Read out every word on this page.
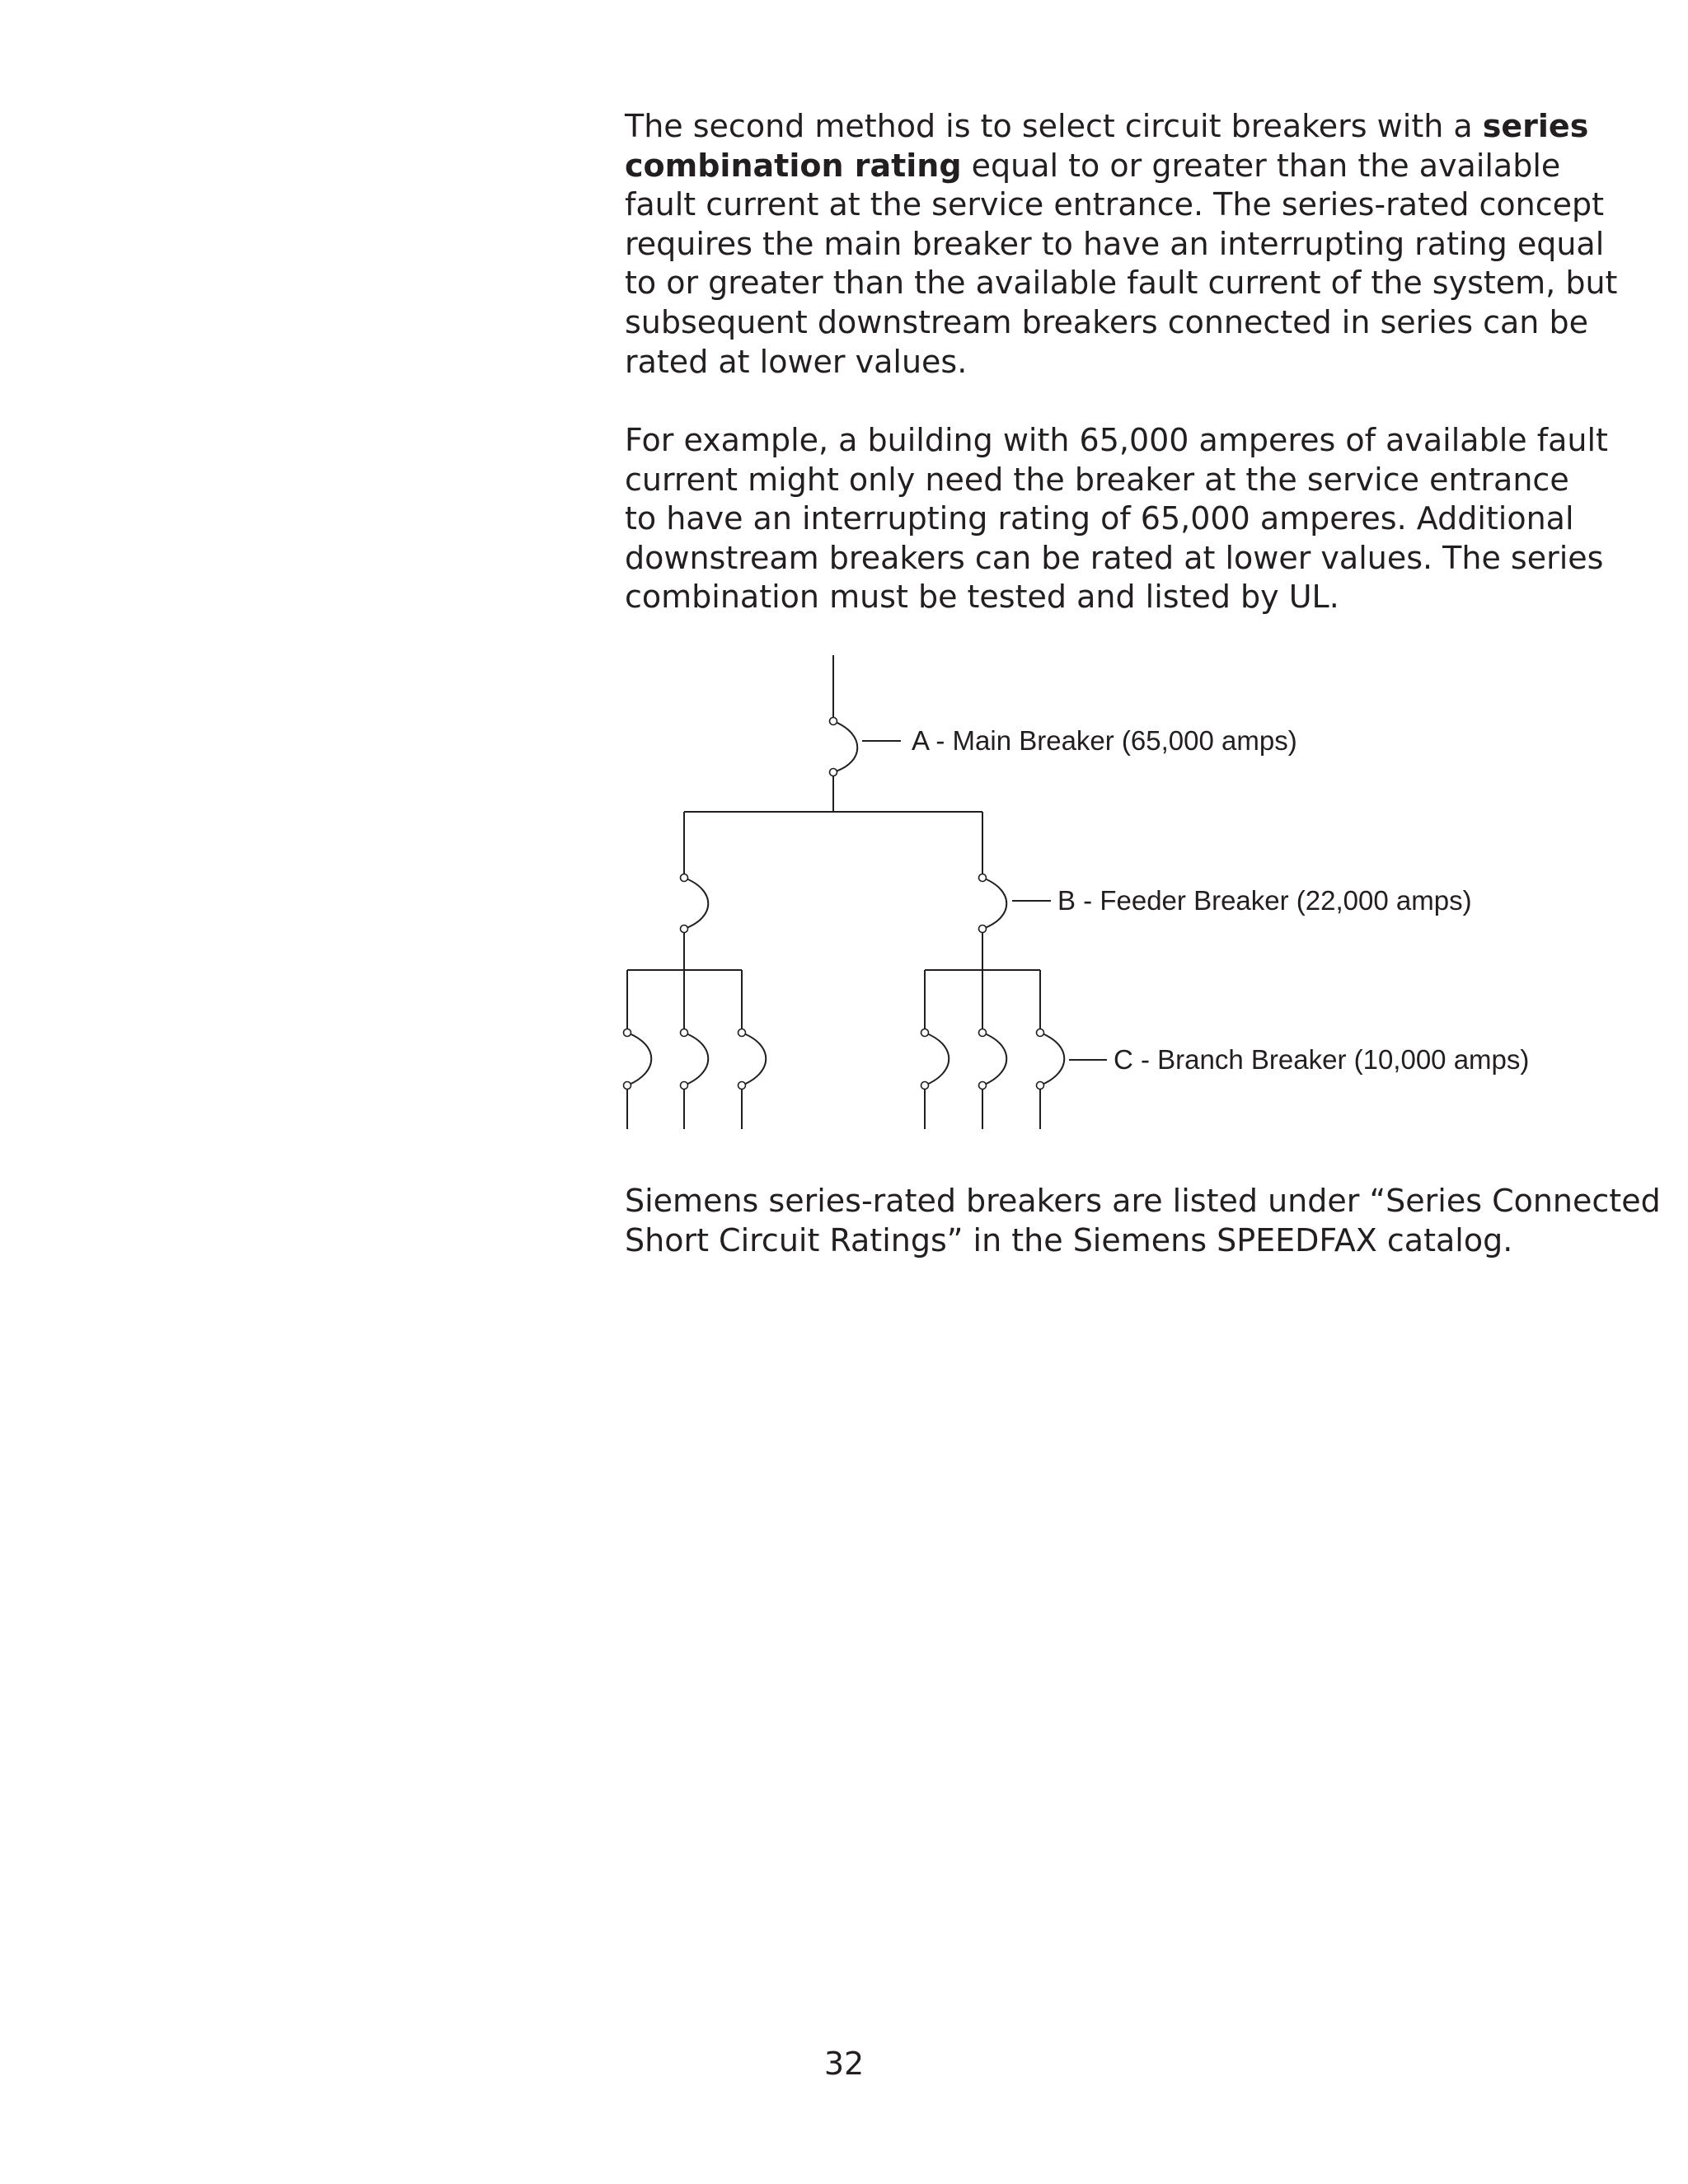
The second method is to select circuit breakers with a series
combination rating equal to or greater than the available
fault current at the service entrance. The series-rated concept
requires the main breaker to have an interrupting rating equal
to or greater than the available fault current of the system, but
subsequent downstream breakers connected in series can be
rated at lower values.
For example, a building with 65,000 amperes of available fault
current might only need the breaker at the service entrance
to have an interrupting rating of 65,000 amperes. Additional
downstream breakers can be rated at lower values. The series
combination must be tested and listed by UL.
A - Main Breaker (65,000 amps)
B - Feeder Breaker (22,000 amps)
C - Branch Breaker (10,000 amps)
Siemens series-rated breakers are listed under “Series Connected
Short Circuit Ratings” in the Siemens SPEEDFAX catalog.
32
